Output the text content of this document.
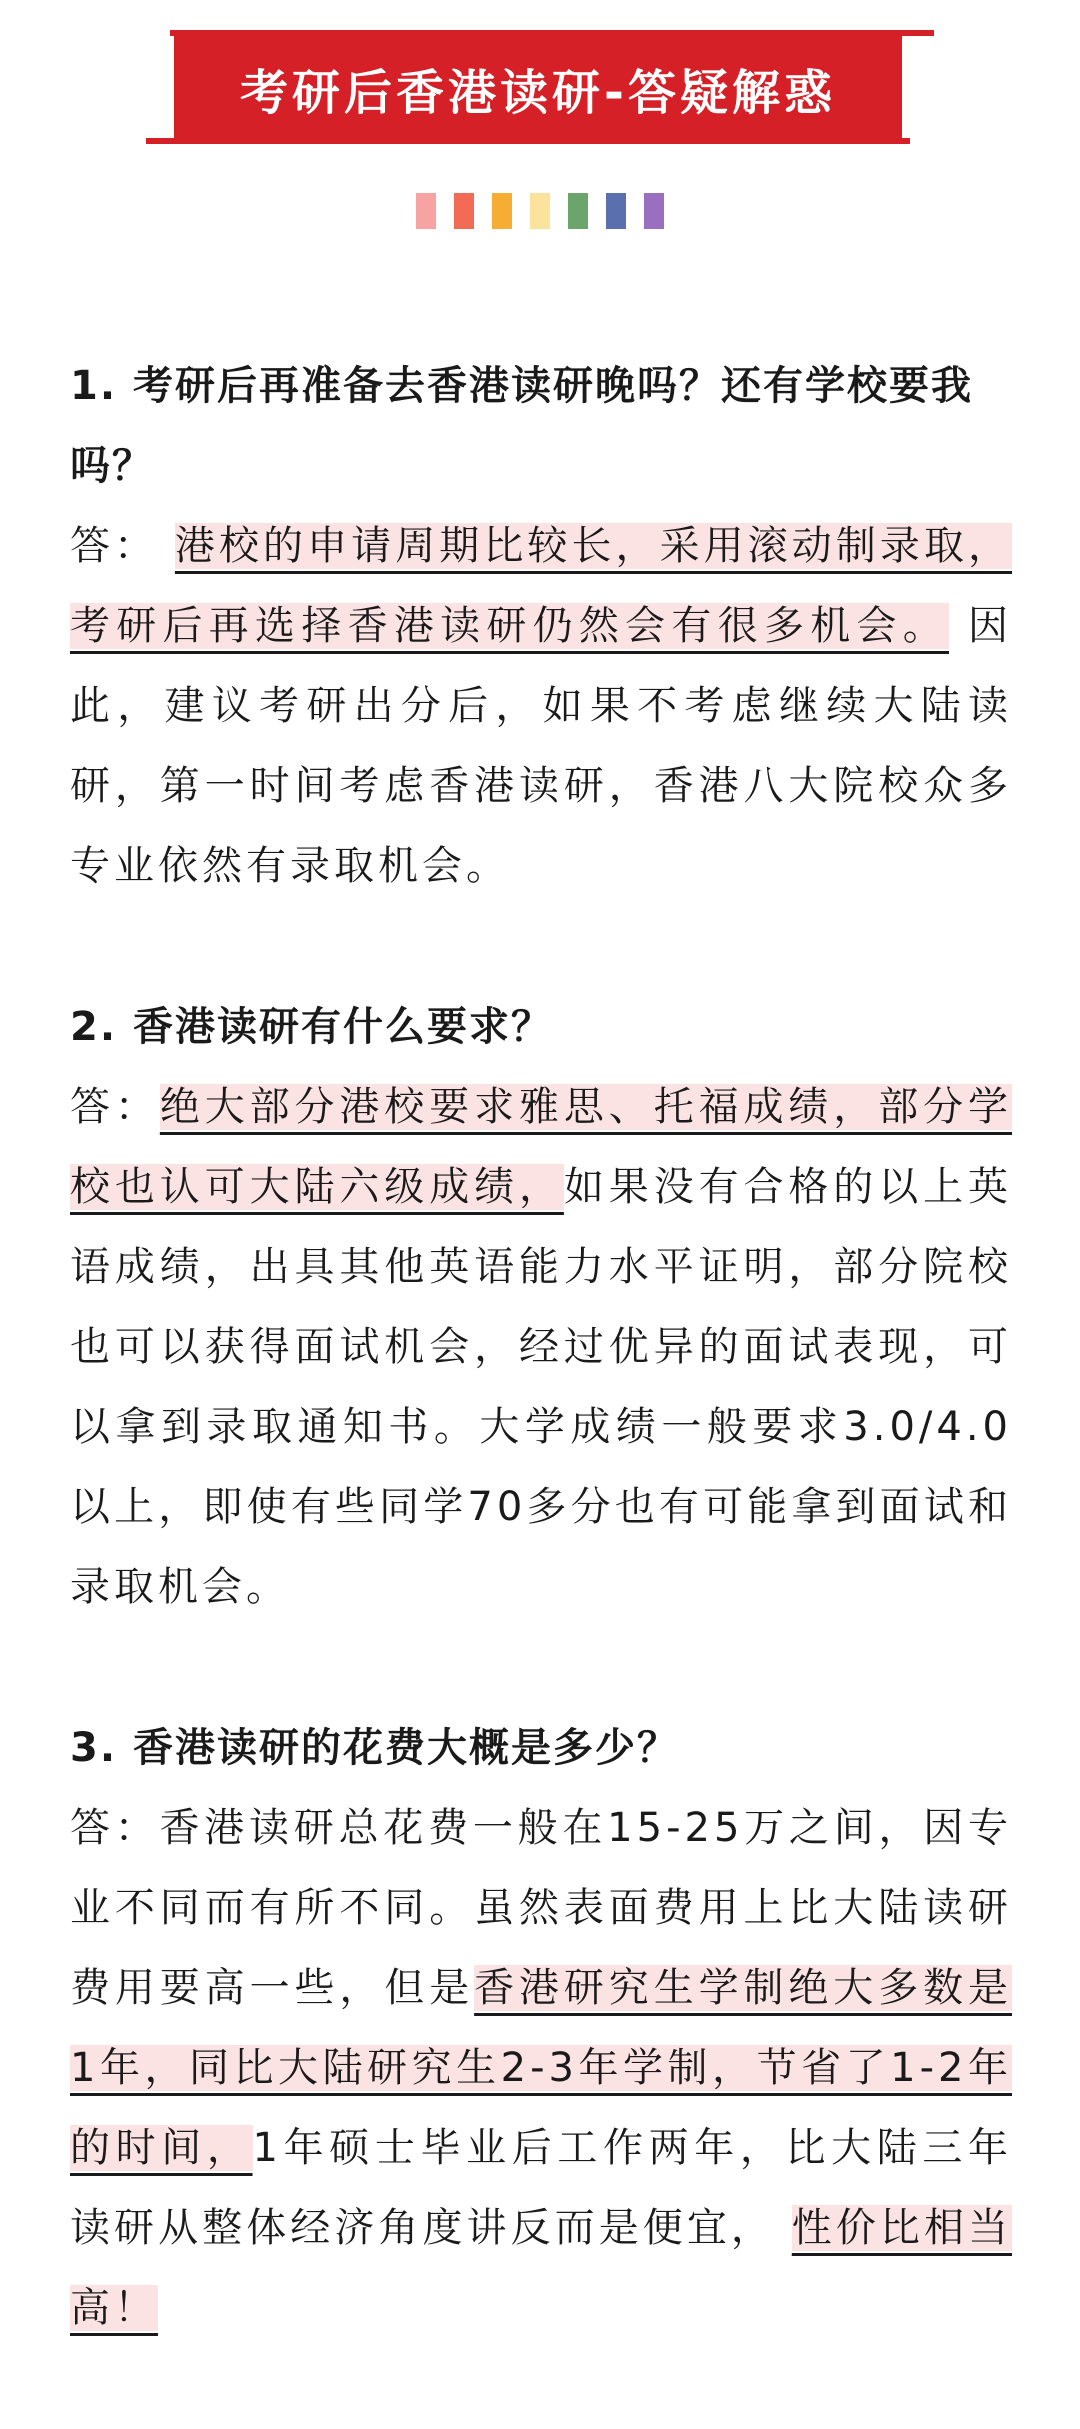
考研后香港读研-答疑解惑

1. 考研后再准备去香港读研晚吗？还有学校要我吗？

答： 港校的申请周期比较长，采用滚动制录取，考研后再选择香港读研仍然会有很多机会。 因此，建议考研出分后，如果不考虑继续大陆读研，第一时间考虑香港读研，香港八大院校众多专业依然有录取机会。

2. 香港读研有什么要求？

答：绝大部分港校要求雅思、托福成绩，部分学校也认可大陆六级成绩，如果没有合格的以上英语成绩，出具其他英语能力水平证明，部分院校也可以获得面试机会，经过优异的面试表现，可以拿到录取通知书。大学成绩一般要求3.0/4.0以上，即使有些同学70多分也有可能拿到面试和录取机会。

3. 香港读研的花费大概是多少？

答：香港读研总花费一般在15-25万之间，因专业不同而有所不同。虽然表面费用上比大陆读研费用要高一些，但是香港研究生学制绝大多数是1年，同比大陆研究生2-3年学制，节省了1-2年的时间，1年硕士毕业后工作两年，比大陆三年读研从整体经济角度讲反而是便宜， 性价比相当高！
